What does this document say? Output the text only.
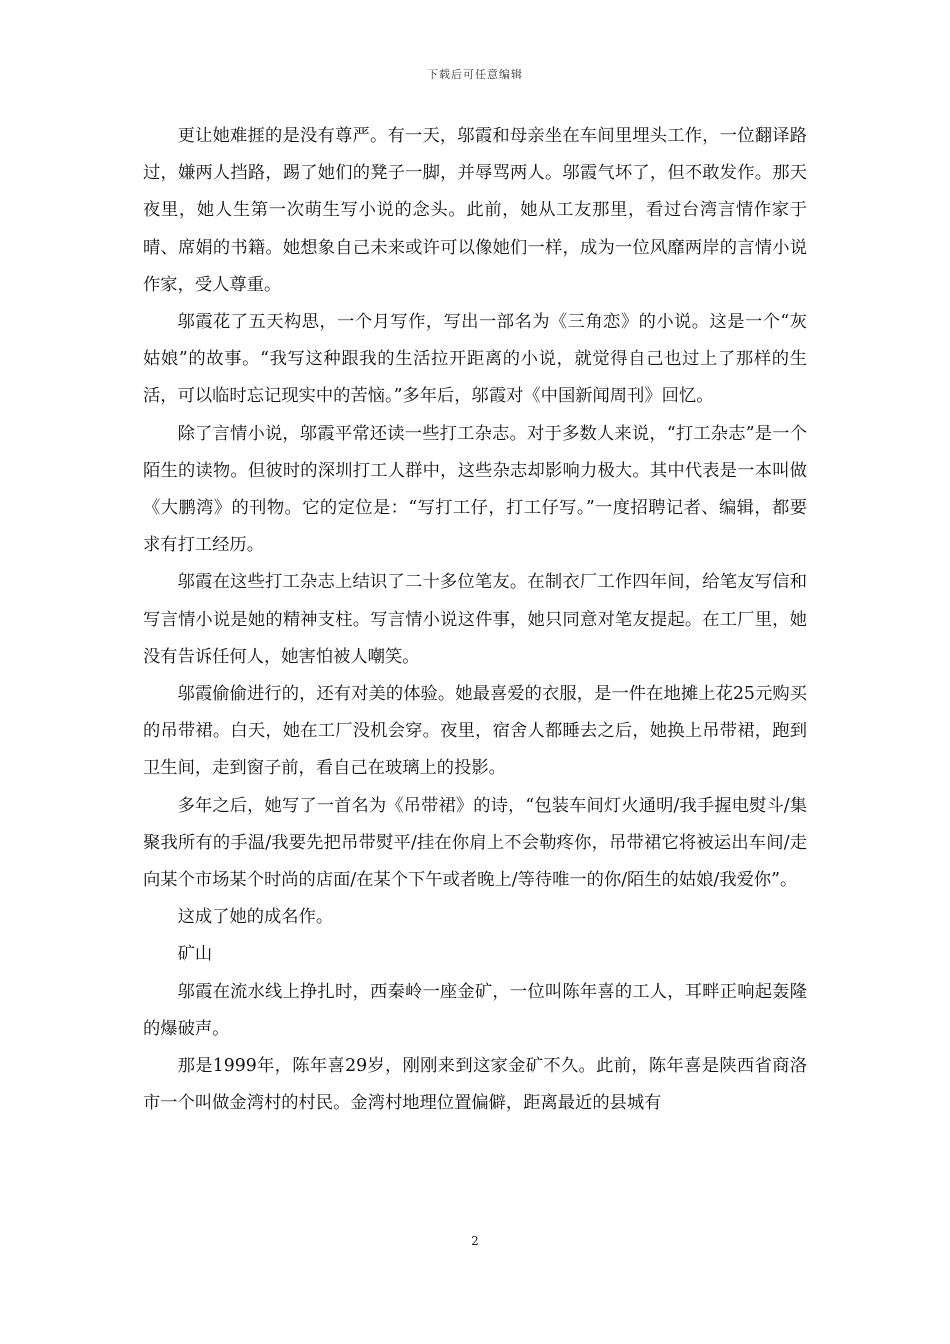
下载后可任意编辑

更让她难捱的是没有尊严。有一天，邬霞和母亲坐在车间里埋头工作，一位翻译路过，嫌两人挡路，踢了她们的凳子一脚，并辱骂两人。邬霞气坏了，但不敢发作。那天夜里，她人生第一次萌生写小说的念头。此前，她从工友那里，看过台湾言情作家于晴、席娟的书籍。她想象自己未来或许可以像她们一样，成为一位风靡两岸的言情小说作家，受人尊重。

邬霞花了五天构思，一个月写作，写出一部名为《三角恋》的小说。这是一个“灰姑娘”的故事。“我写这种跟我的生活拉开距离的小说，就觉得自己也过上了那样的生活，可以临时忘记现实中的苦恼。”多年后，邬霞对《中国新闻周刊》回忆。

除了言情小说，邬霞平常还读一些打工杂志。对于多数人来说，“打工杂志”是一个陌生的读物。但彼时的深圳打工人群中，这些杂志却影响力极大。其中代表是一本叫做《大鹏湾》的刊物。它的定位是：“写打工仔，打工仔写。”一度招聘记者、编辑，都要求有打工经历。

邬霞在这些打工杂志上结识了二十多位笔友。在制衣厂工作四年间，给笔友写信和写言情小说是她的精神支柱。写言情小说这件事，她只同意对笔友提起。在工厂里，她没有告诉任何人，她害怕被人嘲笑。

邬霞偷偷进行的，还有对美的体验。她最喜爱的衣服，是一件在地摊上花25元购买的吊带裙。白天，她在工厂没机会穿。夜里，宿舍人都睡去之后，她换上吊带裙，跑到卫生间，走到窗子前，看自己在玻璃上的投影。

多年之后，她写了一首名为《吊带裙》的诗，“包装车间灯火通明/我手握电熨斗/集聚我所有的手温/我要先把吊带熨平/挂在你肩上不会勒疼你，吊带裙它将被运出车间/走向某个市场某个时尚的店面/在某个下午或者晚上/等待唯一的你/陌生的姑娘/我爱你”。

这成了她的成名作。

矿山

邬霞在流水线上挣扎时，西秦岭一座金矿，一位叫陈年喜的工人，耳畔正响起轰隆的爆破声。

那是1999年，陈年喜29岁，刚刚来到这家金矿不久。此前，陈年喜是陕西省商洛市一个叫做金湾村的村民。金湾村地理位置偏僻，距离最近的县城有

2
